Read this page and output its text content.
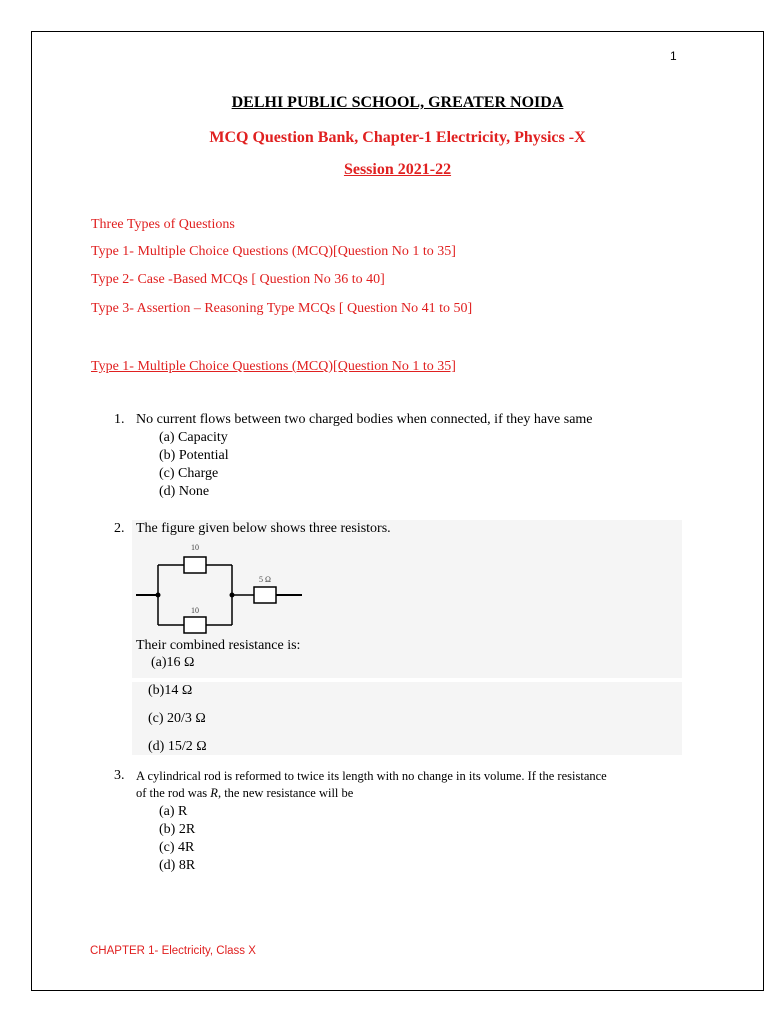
1
DELHI PUBLIC SCHOOL, GREATER NOIDA
MCQ Question Bank, Chapter-1 Electricity, Physics -X
Session 2021-22
Three Types of Questions
Type 1- Multiple Choice Questions (MCQ)[Question No 1 to 35]
Type 2- Case -Based MCQs [ Question No 36 to 40]
Type 3- Assertion – Reasoning Type MCQs [ Question No 41 to 50]
Type 1- Multiple Choice Questions (MCQ)[Question No 1 to 35]
1. No current flows between two charged bodies when connected, if they have same
(a) Capacity
(b) Potential
(c) Charge
(d) None
2. The figure given below shows three resistors.
10
10
5 Ω
Their combined resistance is:
(a)16 Ω
(b)14 Ω
(c) 20/3 Ω
(d) 15/2 Ω
3. A cylindrical rod is reformed to twice its length with no change in its volume. If the resistance
of the rod was R, the new resistance will be
(a) R
(b) 2R
(c) 4R
(d) 8R
CHAPTER 1- Electricity, Class X
